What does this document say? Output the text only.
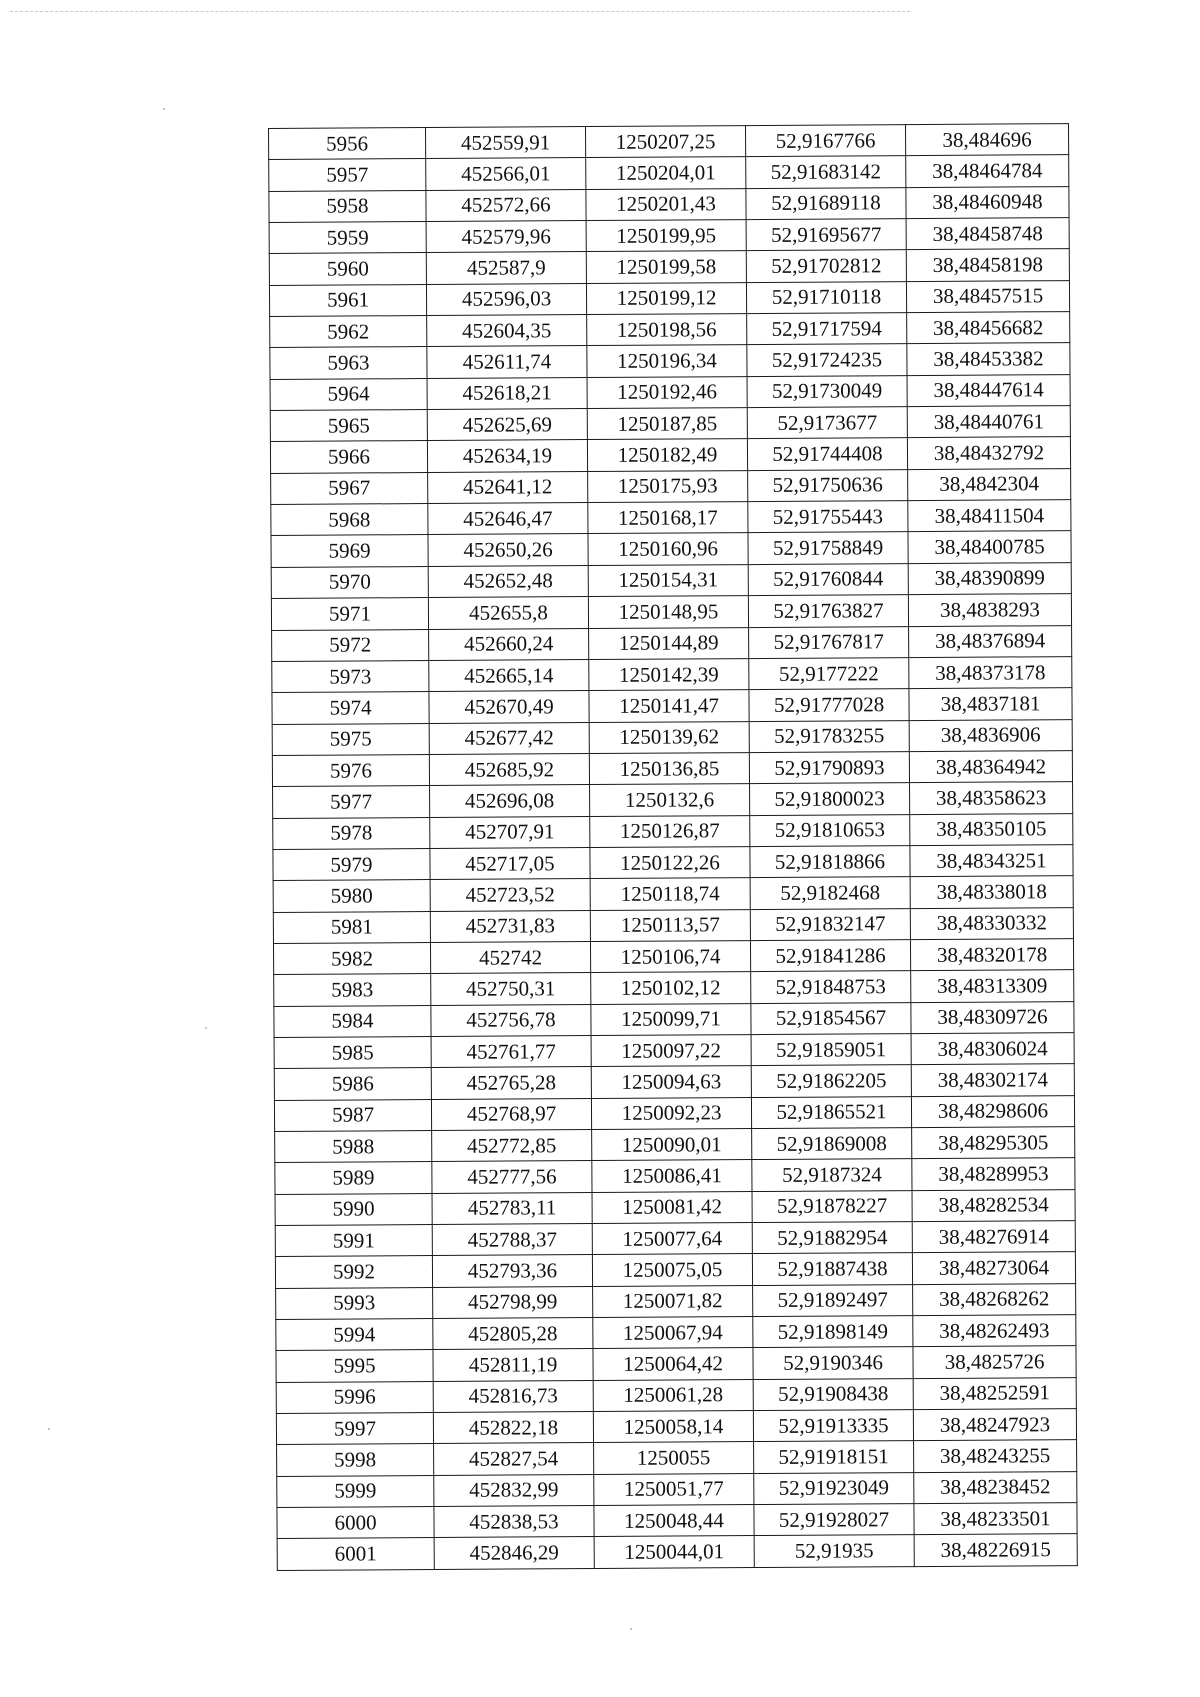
5956	452559,91	1250207,25	52,9167766	38,484696
5957	452566,01	1250204,01	52,91683142	38,48464784
5958	452572,66	1250201,43	52,91689118	38,48460948
5959	452579,96	1250199,95	52,91695677	38,48458748
5960	452587,9	1250199,58	52,91702812	38,48458198
5961	452596,03	1250199,12	52,91710118	38,48457515
5962	452604,35	1250198,56	52,91717594	38,48456682
5963	452611,74	1250196,34	52,91724235	38,48453382
5964	452618,21	1250192,46	52,91730049	38,48447614
5965	452625,69	1250187,85	52,9173677	38,48440761
5966	452634,19	1250182,49	52,91744408	38,48432792
5967	452641,12	1250175,93	52,91750636	38,4842304
5968	452646,47	1250168,17	52,91755443	38,48411504
5969	452650,26	1250160,96	52,91758849	38,48400785
5970	452652,48	1250154,31	52,91760844	38,48390899
5971	452655,8	1250148,95	52,91763827	38,4838293
5972	452660,24	1250144,89	52,91767817	38,48376894
5973	452665,14	1250142,39	52,9177222	38,48373178
5974	452670,49	1250141,47	52,91777028	38,4837181
5975	452677,42	1250139,62	52,91783255	38,4836906
5976	452685,92	1250136,85	52,91790893	38,48364942
5977	452696,08	1250132,6	52,91800023	38,48358623
5978	452707,91	1250126,87	52,91810653	38,48350105
5979	452717,05	1250122,26	52,91818866	38,48343251
5980	452723,52	1250118,74	52,9182468	38,48338018
5981	452731,83	1250113,57	52,91832147	38,48330332
5982	452742	1250106,74	52,91841286	38,48320178
5983	452750,31	1250102,12	52,91848753	38,48313309
5984	452756,78	1250099,71	52,91854567	38,48309726
5985	452761,77	1250097,22	52,91859051	38,48306024
5986	452765,28	1250094,63	52,91862205	38,48302174
5987	452768,97	1250092,23	52,91865521	38,48298606
5988	452772,85	1250090,01	52,91869008	38,48295305
5989	452777,56	1250086,41	52,9187324	38,48289953
5990	452783,11	1250081,42	52,91878227	38,48282534
5991	452788,37	1250077,64	52,91882954	38,48276914
5992	452793,36	1250075,05	52,91887438	38,48273064
5993	452798,99	1250071,82	52,91892497	38,48268262
5994	452805,28	1250067,94	52,91898149	38,48262493
5995	452811,19	1250064,42	52,9190346	38,4825726
5996	452816,73	1250061,28	52,91908438	38,48252591
5997	452822,18	1250058,14	52,91913335	38,48247923
5998	452827,54	1250055	52,91918151	38,48243255
5999	452832,99	1250051,77	52,91923049	38,48238452
6000	452838,53	1250048,44	52,91928027	38,48233501
6001	452846,29	1250044,01	52,91935	38,48226915
